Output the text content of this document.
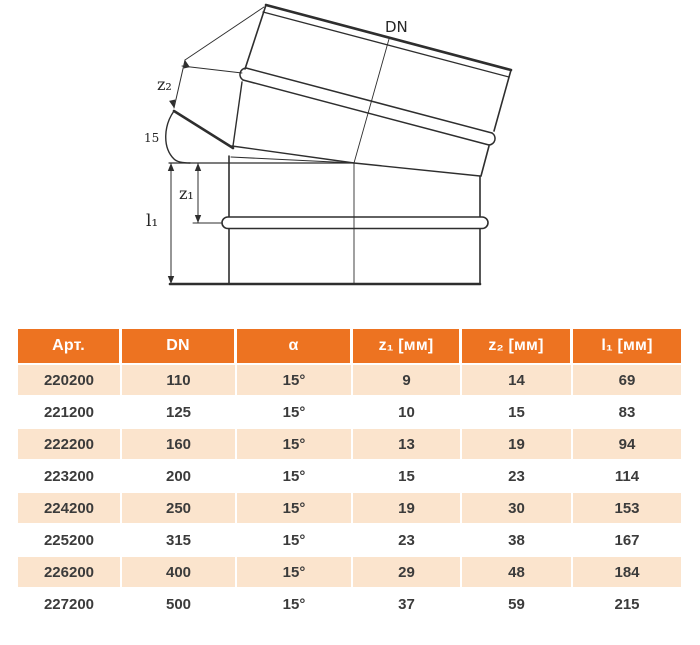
DN
z₂
15
z₁
l₁
Арт.	DN	α	z₁ [мм]	z₂ [мм]	l₁ [мм]
220200	110	15°	9	14	69
221200	125	15°	10	15	83
222200	160	15°	13	19	94
223200	200	15°	15	23	114
224200	250	15°	19	30	153
225200	315	15°	23	38	167
226200	400	15°	29	48	184
227200	500	15°	37	59	215
